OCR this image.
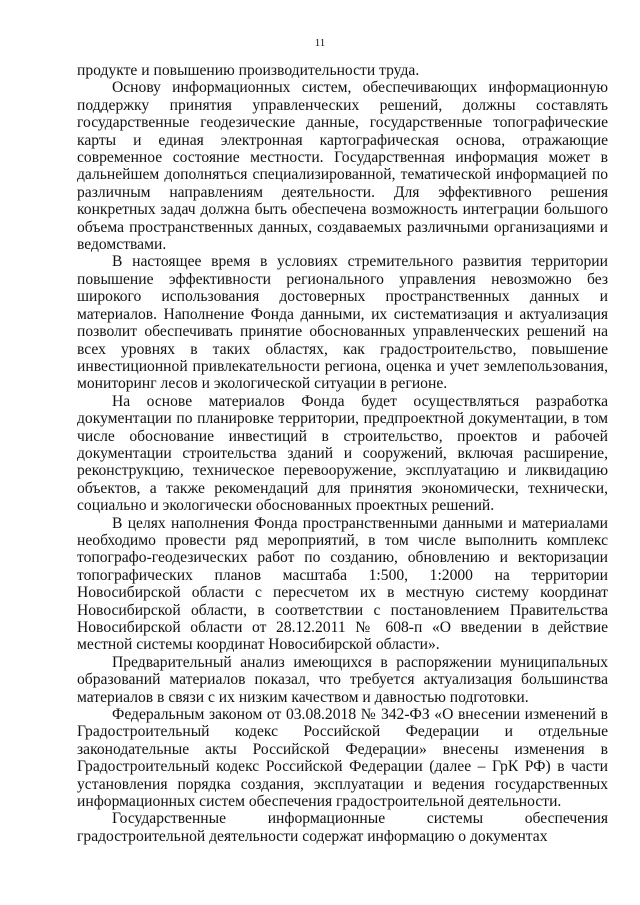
11

продукте и повышению производительности труда.

Основу информационных систем, обеспечивающих информационную поддержку принятия управленческих решений, должны составлять государственные геодезические данные, государственные топографические карты и единая электронная картографическая основа, отражающие современное состояние местности. Государственная информация может в дальнейшем дополняться специализированной, тематической информацией по различным направлениям деятельности. Для эффективного решения конкретных задач должна быть обеспечена возможность интеграции большого объема пространственных данных, создаваемых различными организациями и ведомствами.

В настоящее время в условиях стремительного развития территории повышение эффективности регионального управления невозможно без широкого использования достоверных пространственных данных и материалов. Наполнение Фонда данными, их систематизация и актуализация позволит обеспечивать принятие обоснованных управленческих решений на всех уровнях в таких областях, как градостроительство, повышение инвестиционной привлекательности региона, оценка и учет землепользования, мониторинг лесов и экологической ситуации в регионе.

На основе материалов Фонда будет осуществляться разработка документации по планировке территории, предпроектной документации, в том числе обоснование инвестиций в строительство, проектов и рабочей документации строительства зданий и сооружений, включая расширение, реконструкцию, техническое перевооружение, эксплуатацию и ликвидацию объектов, а также рекомендаций для принятия экономически, технически, социально и экологически обоснованных проектных решений.

В целях наполнения Фонда пространственными данными и материалами необходимо провести ряд мероприятий, в том числе выполнить комплекс топографо-геодезических работ по созданию, обновлению и векторизации топографических планов масштаба 1:500, 1:2000 на территории Новосибирской области с пересчетом их в местную систему координат Новосибирской области, в соответствии с постановлением Правительства Новосибирской области от 28.12.2011 № 608-п «О введении в действие местной системы координат Новосибирской области».

Предварительный анализ имеющихся в распоряжении муниципальных образований материалов показал, что требуется актуализация большинства материалов в связи с их низким качеством и давностью подготовки.

Федеральным законом от 03.08.2018 № 342-ФЗ «О внесении изменений в Градостроительный кодекс Российской Федерации и отдельные законодательные акты Российской Федерации» внесены изменения в Градостроительный кодекс Российской Федерации (далее – ГрК РФ) в части установления порядка создания, эксплуатации и ведения государственных информационных систем обеспечения градостроительной деятельности.

Государственные информационные системы обеспечения градостроительной деятельности содержат информацию о документах
